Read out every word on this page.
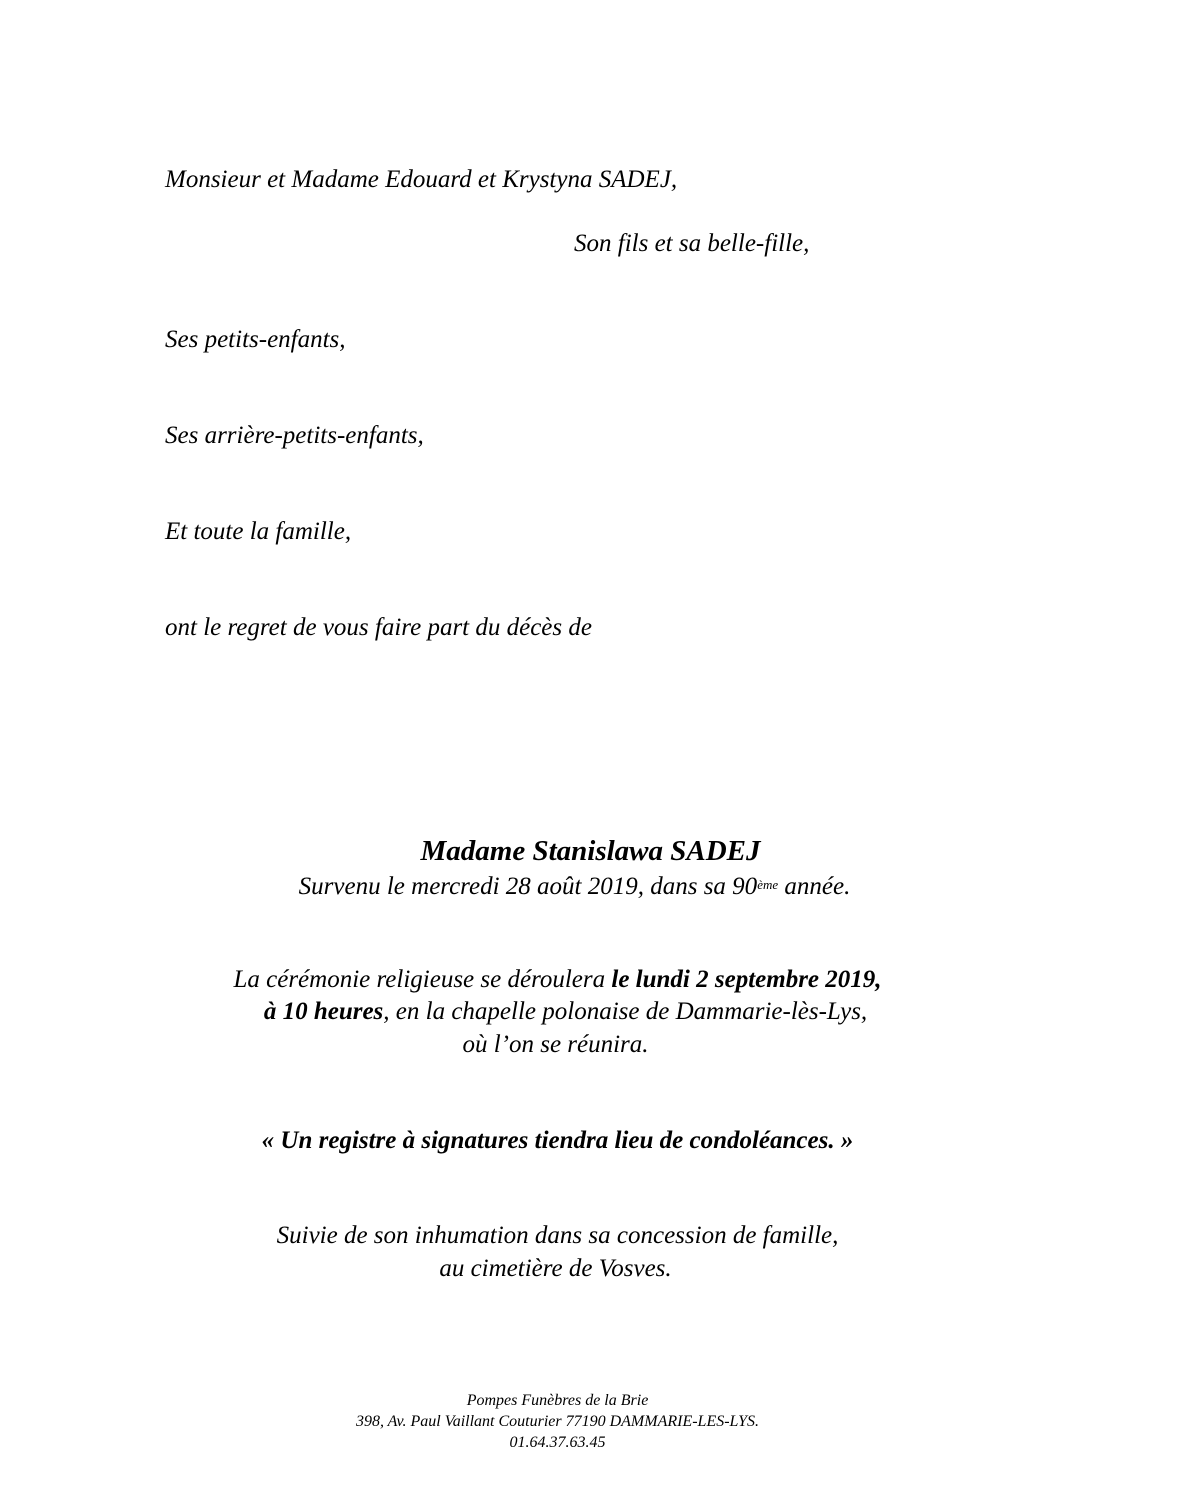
Monsieur et Madame Edouard et Krystyna SADEJ,
Son fils et sa belle-fille,
Ses petits-enfants,
Ses arrière-petits-enfants,
Et toute la famille,
ont le regret de vous faire part du décès de
Madame Stanislawa SADEJ
Survenu le mercredi 28 août 2019, dans sa 90ème année.
La cérémonie religieuse se déroulera le lundi 2 septembre 2019,
à 10 heures, en la chapelle polonaise de Dammarie-lès-Lys,
où l’on se réunira.
« Un registre à signatures tiendra lieu de condoléances. »
Suivie de son inhumation dans sa concession de famille,
au cimetière de Vosves.
Pompes Funèbres de la Brie
398, Av. Paul Vaillant Couturier 77190 DAMMARIE-LES-LYS.
01.64.37.63.45
